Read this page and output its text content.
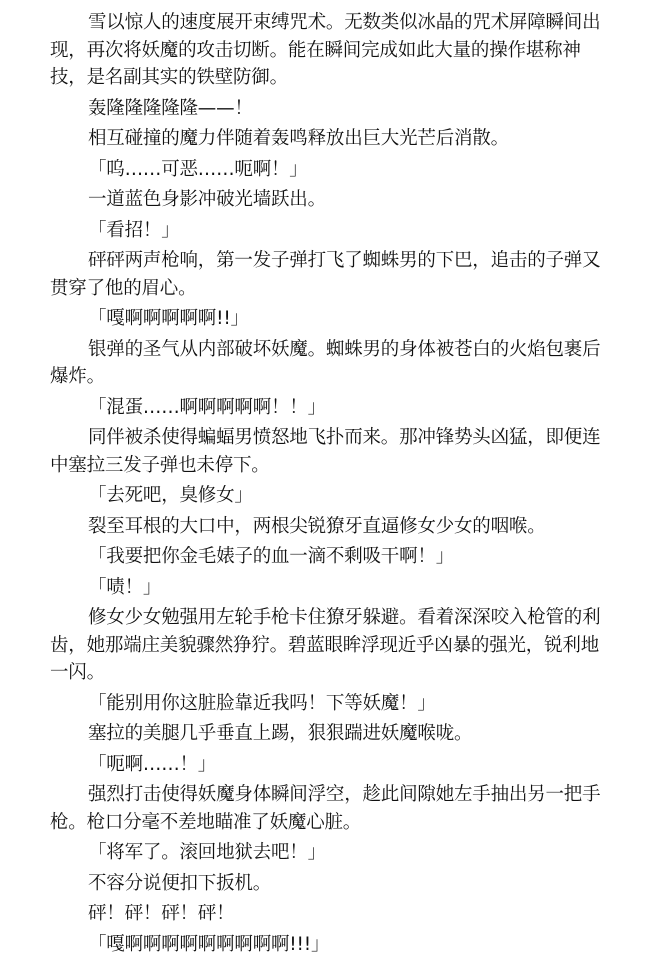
雪以惊人的速度展开束缚咒术。无数类似冰晶的咒术屏障瞬间出现，再次将妖魔的攻击切断。能在瞬间完成如此大量的操作堪称神技，是名副其实的铁壁防御。

轰隆隆隆隆隆——！

相互碰撞的魔力伴随着轰鸣释放出巨大光芒后消散。

「呜……可恶……呃啊！」

一道蓝色身影冲破光墙跃出。

「看招！」

砰砰两声枪响，第一发子弹打飞了蜘蛛男的下巴，追击的子弹又贯穿了他的眉心。

「嘎啊啊啊啊啊!!」

银弹的圣气从内部破坏妖魔。蜘蛛男的身体被苍白的火焰包裹后爆炸。

「混蛋……啊啊啊啊啊！！」

同伴被杀使得蝙蝠男愤怒地飞扑而来。那冲锋势头凶猛，即便连中塞拉三发子弹也未停下。

「去死吧，臭修女」

裂至耳根的大口中，两根尖锐獠牙直逼修女少女的咽喉。

「我要把你金毛婊子的血一滴不剩吸干啊！」

「啧！」

修女少女勉强用左轮手枪卡住獠牙躲避。看着深深咬入枪管的利齿，她那端庄美貌骤然狰狞。碧蓝眼眸浮现近乎凶暴的强光，锐利地一闪。

「能别用你这脏脸靠近我吗！下等妖魔！」

塞拉的美腿几乎垂直上踢，狠狠踹进妖魔喉咙。

「呃啊……！」

强烈打击使得妖魔身体瞬间浮空，趁此间隙她左手抽出另一把手枪。枪口分毫不差地瞄准了妖魔心脏。

「将军了。滚回地狱去吧！」

不容分说便扣下扳机。

砰！砰！砰！砰！

「嘎啊啊啊啊啊啊啊啊啊!!!」
